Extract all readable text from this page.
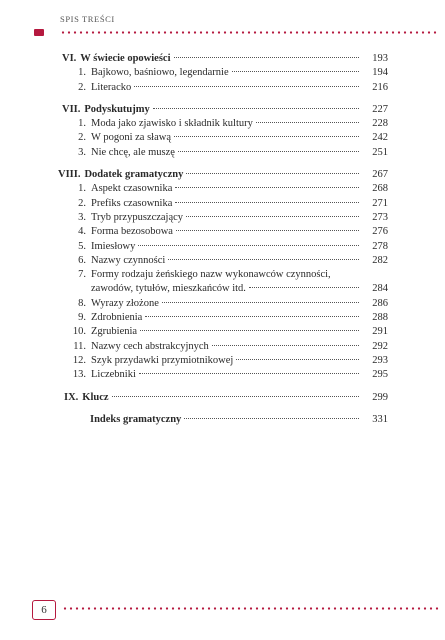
SPIS TREŚCI
VI. W świecie opowieści	193
1. Bajkowo, baśniowo, legendarnie	194
2. Literacko	216
VII. Podyskutujmy	227
1. Moda jako zjawisko i składnik kultury	228
2. W pogoni za sławą	242
3. Nie chcę, ale muszę	251
VIII. Dodatek gramatyczny	267
1. Aspekt czasownika	268
2. Prefiks czasownika	271
3. Tryb przypuszczający	273
4. Forma bezosobowa	276
5. Imiesłowy	278
6. Nazwy czynności	282
7. Formy rodzaju żeńskiego nazw wykonawców czynności,
zawodów, tytułów, mieszkańców itd.	284
8. Wyrazy złożone	286
9. Zdrobnienia	288
10. Zgrubienia	291
11. Nazwy cech abstrakcyjnych	292
12. Szyk przydawki przymiotnikowej	293
13. Liczebniki	295
IX. Klucz	299
Indeks gramatyczny	331
6
